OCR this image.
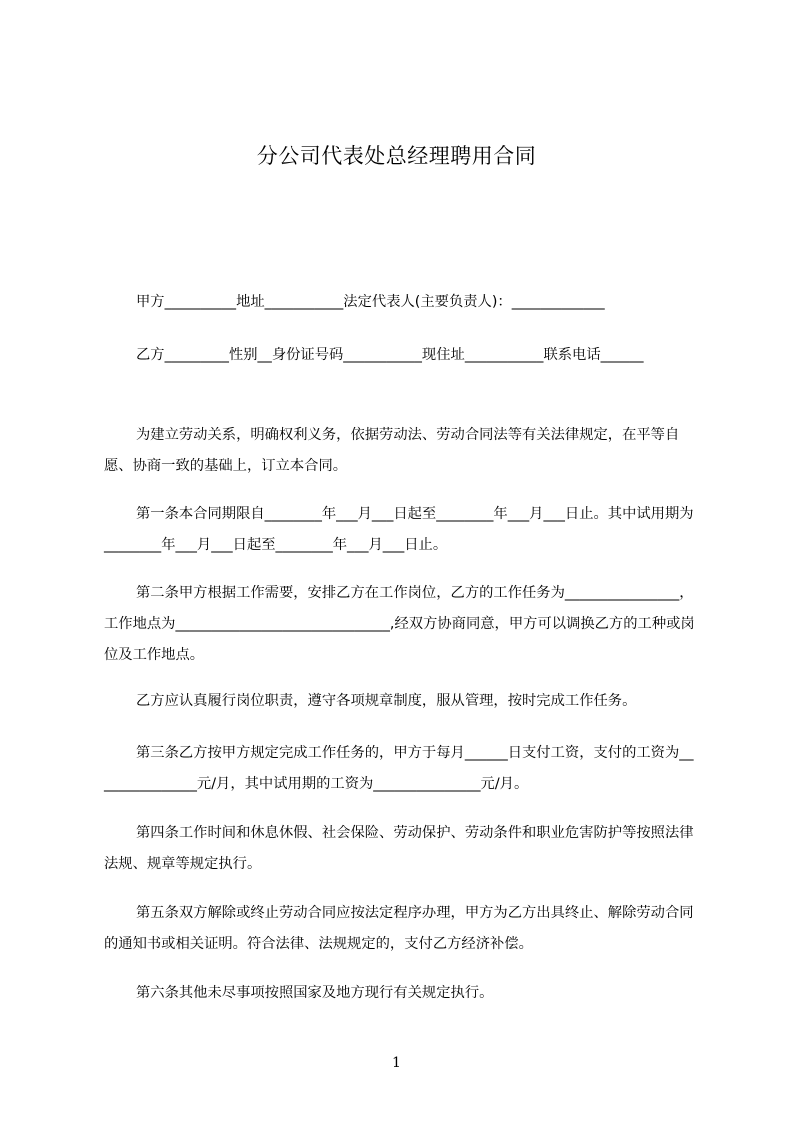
分公司代表处总经理聘用合同

甲方__________地址___________法定代表人(主要负责人)：_____________

乙方_________性别__身份证号码___________现住址___________联系电话______

为建立劳动关系，明确权利义务，依据劳动法、劳动合同法等有关法律规定，在平等自愿、协商一致的基础上，订立本合同。

第一条本合同期限自________年___月___日起至________年___月___日止。其中试用期为________年___月___日起至________年___月___日止。

第二条甲方根据工作需要，安排乙方在工作岗位，乙方的工作任务为________________，工作地点为______________________________,经双方协商同意，甲方可以调换乙方的工种或岗位及工作地点。

乙方应认真履行岗位职责，遵守各项规章制度，服从管理，按时完成工作任务。

第三条乙方按甲方规定完成工作任务的，甲方于每月______日支付工资，支付的工资为_______________元/月，其中试用期的工资为_______________元/月。

第四条工作时间和休息休假、社会保险、劳动保护、劳动条件和职业危害防护等按照法律法规、规章等规定执行。

第五条双方解除或终止劳动合同应按法定程序办理，甲方为乙方出具终止、解除劳动合同的通知书或相关证明。符合法律、法规规定的，支付乙方经济补偿。

第六条其他未尽事项按照国家及地方现行有关规定执行。

1
